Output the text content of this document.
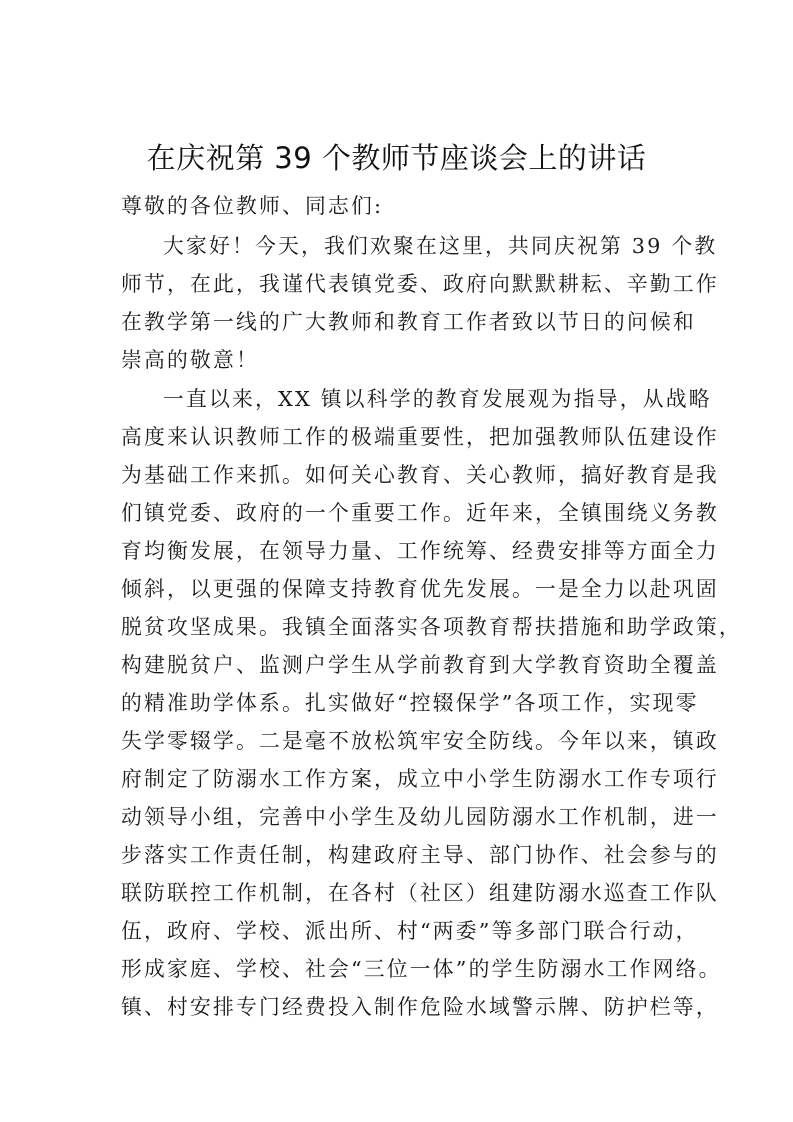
在庆祝第 39 个教师节座谈会上的讲话
尊敬的各位教师、同志们:
大家好！今天，我们欢聚在这里，共同庆祝第 39 个教
师节，在此，我谨代表镇党委、政府向默默耕耘、辛勤工作
在教学第一线的广大教师和教育工作者致以节日的问候和
崇高的敬意！
一直以来，XX 镇以科学的教育发展观为指导，从战略
高度来认识教师工作的极端重要性，把加强教师队伍建设作
为基础工作来抓。如何关心教育、关心教师，搞好教育是我
们镇党委、政府的一个重要工作。近年来，全镇围绕义务教
育均衡发展，在领导力量、工作统筹、经费安排等方面全力
倾斜，以更强的保障支持教育优先发展。一是全力以赴巩固
脱贫攻坚成果。我镇全面落实各项教育帮扶措施和助学政策，
构建脱贫户、监测户学生从学前教育到大学教育资助全覆盖
的精准助学体系。扎实做好“控辍保学”各项工作，实现零
失学零辍学。二是毫不放松筑牢安全防线。今年以来，镇政
府制定了防溺水工作方案，成立中小学生防溺水工作专项行
动领导小组，完善中小学生及幼儿园防溺水工作机制，进一
步落实工作责任制，构建政府主导、部门协作、社会参与的
联防联控工作机制，在各村（社区）组建防溺水巡查工作队
伍，政府、学校、派出所、村“两委”等多部门联合行动，
形成家庭、学校、社会“三位一体”的学生防溺水工作网络。
镇、村安排专门经费投入制作危险水域警示牌、防护栏等，
